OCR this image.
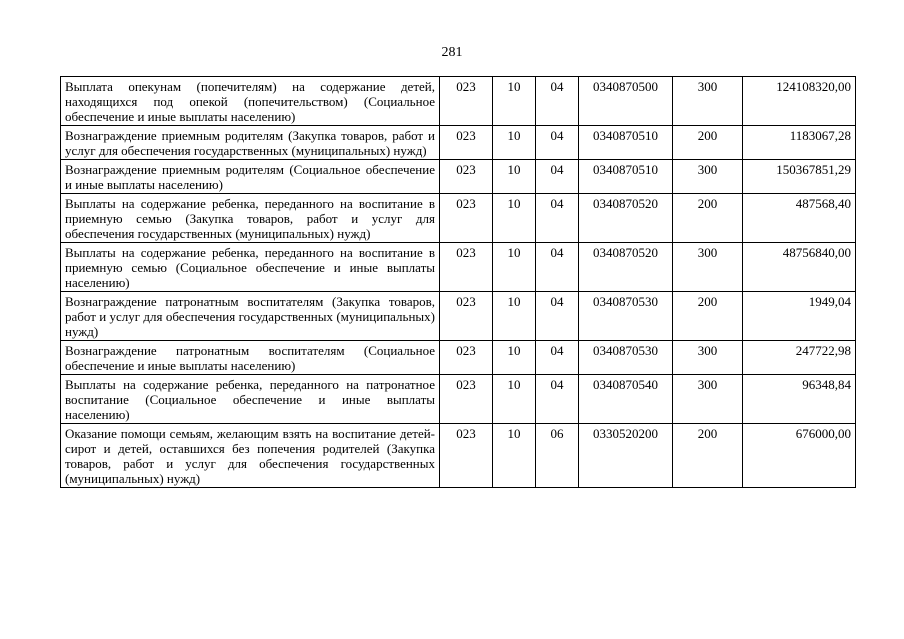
281
Выплата опекунам (попечителям) на содержание детей, находящихся под опекой (попечительством) (Социальное обеспечение и иные выплаты населению)	023	10	04	0340870500	300	124108320,00
Вознаграждение приемным родителям (Закупка товаров, работ и услуг для обеспечения государственных (муниципальных) нужд)	023	10	04	0340870510	200	1183067,28
Вознаграждение приемным родителям (Социальное обеспечение и иные выплаты населению)	023	10	04	0340870510	300	150367851,29
Выплаты на содержание ребенка, переданного на воспитание в приемную семью (Закупка товаров, работ и услуг для обеспечения государственных (муниципальных) нужд)	023	10	04	0340870520	200	487568,40
Выплаты на содержание ребенка, переданного на воспитание в приемную семью (Социальное обеспечение и иные выплаты населению)	023	10	04	0340870520	300	48756840,00
Вознаграждение патронатным воспитателям (Закупка товаров, работ и услуг для обеспечения государственных (муниципальных) нужд)	023	10	04	0340870530	200	1949,04
Вознаграждение патронатным воспитателям (Социальное обеспечение и иные выплаты населению)	023	10	04	0340870530	300	247722,98
Выплаты на содержание ребенка, переданного на патронатное воспитание (Социальное обеспечение и иные выплаты населению)	023	10	04	0340870540	300	96348,84
Оказание помощи семьям, желающим взять на воспитание детей-сирот и детей, оставшихся без попечения родителей (Закупка товаров, работ и услуг для обеспечения государственных (муниципальных) нужд)	023	10	06	0330520200	200	676000,00
